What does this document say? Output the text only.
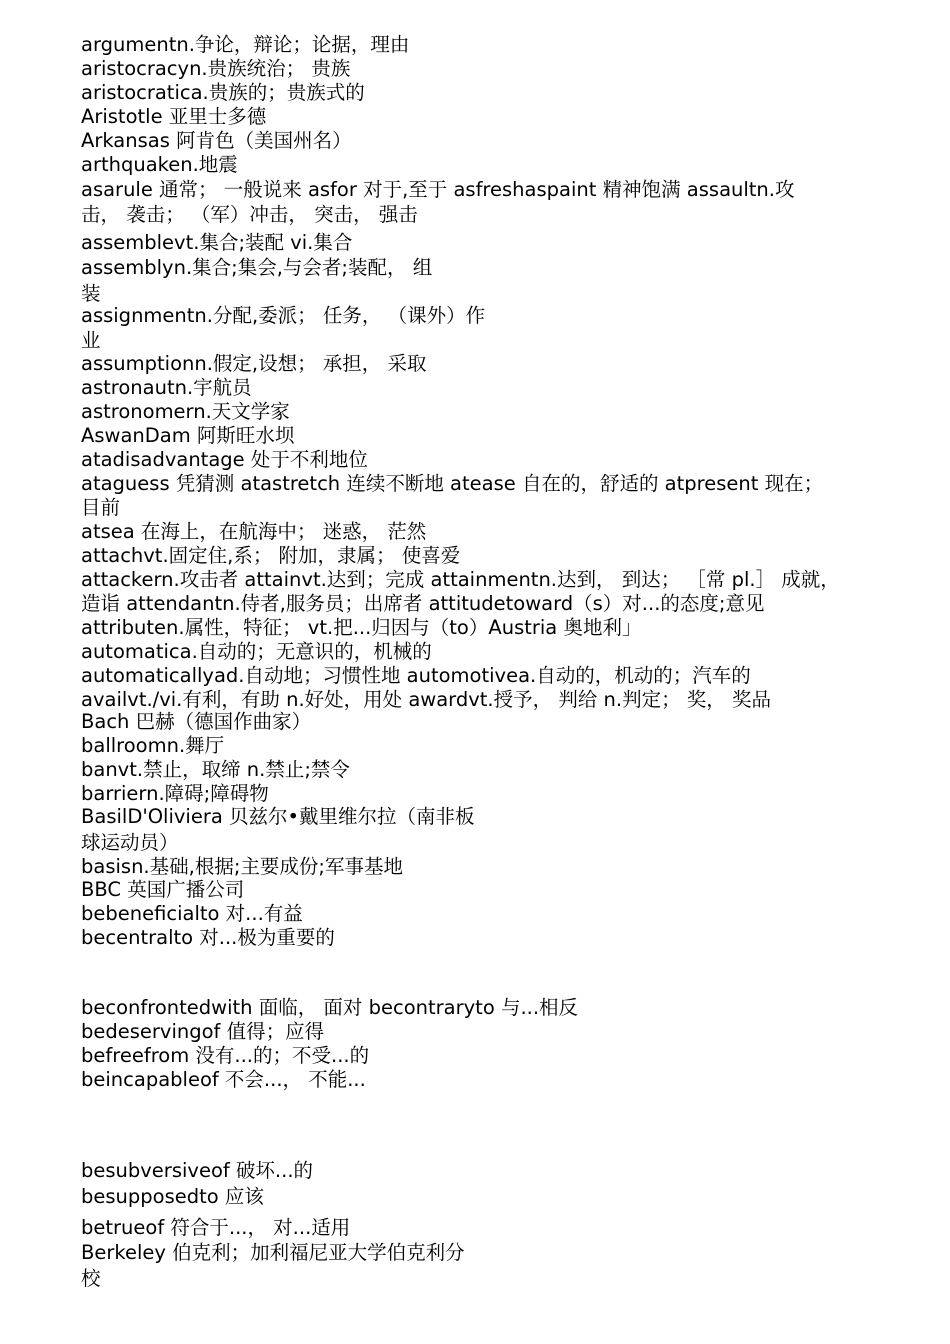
argumentn.争论，辩论；论据，理由
aristocracyn.贵族统治； 贵族
aristocratica.贵族的；贵族式的
Aristotle 亚里士多德
Arkansas 阿肯色（美国州名）
arthquaken.地震
asarule 通常； 一般说来 asfor 对于,至于 asfreshaspaint 精神饱满 assaultn.攻
击， 袭击； （军）冲击， 突击， 强击
assemblevt.集合;装配 vi.集合
assemblyn.集合;集会,与会者;装配， 组
装
assignmentn.分配,委派； 任务， （课外）作
业
assumptionn.假定,设想； 承担， 采取
astronautn.宇航员
astronomern.天文学家
AswanDam 阿斯旺水坝
atadisadvantage 处于不利地位
ataguess 凭猜测 atastretch 连续不断地 atease 自在的，舒适的 atpresent 现在；
目前
atsea 在海上，在航海中； 迷惑， 茫然
attachvt.固定住,系； 附加，隶属； 使喜爱
attackern.攻击者 attainvt.达到；完成 attainmentn.达到， 到达； ［常 pl.］ 成就，
造诣 attendantn.侍者,服务员；出席者 attitudetoward（s）对...的态度;意见
attributen.属性，特征； vt.把...归因与（to）Austria 奥地利」
automatica.自动的；无意识的，机械的
automaticallyad.自动地；习惯性地 automotivea.自动的，机动的；汽车的
availvt./vi.有利，有助 n.好处，用处 awardvt.授予， 判给 n.判定； 奖， 奖品
Bach 巴赫（德国作曲家）
ballroomn.舞厅
banvt.禁止，取缔 n.禁止;禁令
barriern.障碍;障碍物
BasilD'Oliviera 贝兹尔•戴里维尔拉（南非板
球运动员）
basisn.基础,根据;主要成份;军事基地
BBC 英国广播公司
bebeneficialto 对...有益
becentralto 对...极为重要的
beconfrontedwith 面临， 面对 becontraryto 与...相反
bedeservingof 值得；应得
befreefrom 没有...的；不受...的
beincapableof 不会...， 不能...
besubversiveof 破坏...的
besupposedto 应该
betrueof 符合于...， 对...适用
Berkeley 伯克利；加利福尼亚大学伯克利分
校
